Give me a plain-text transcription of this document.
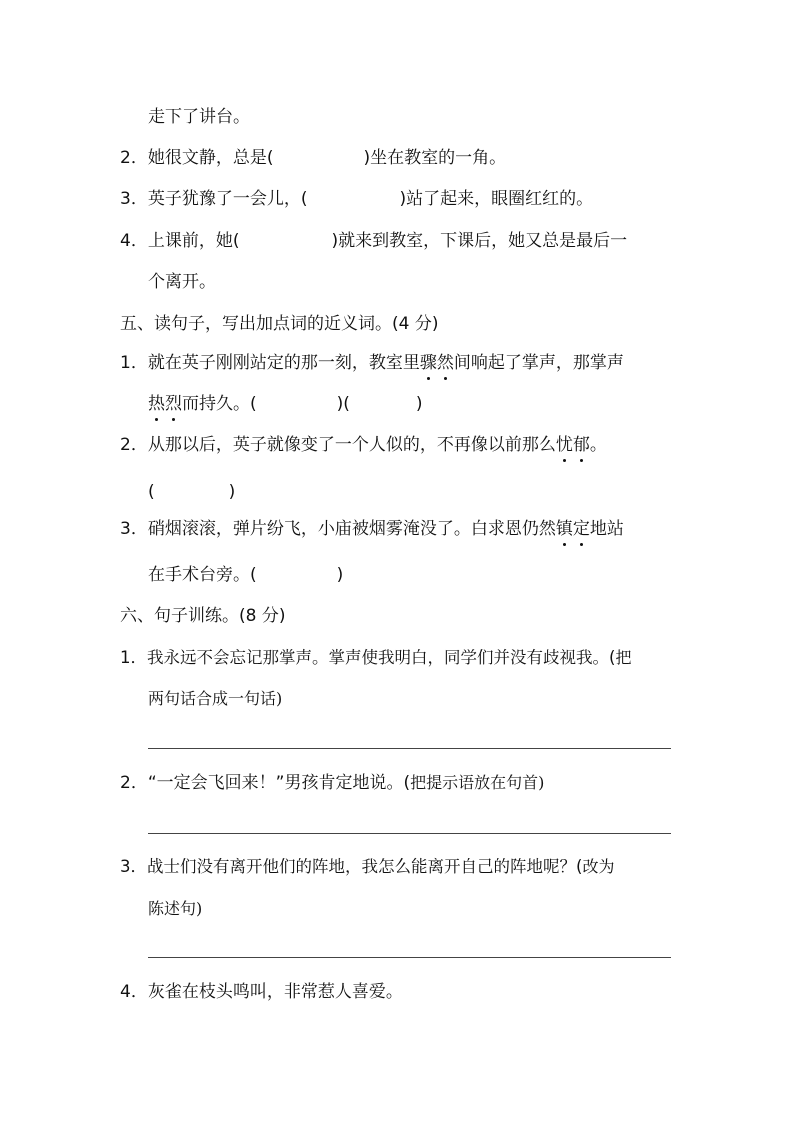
走下了讲台。
2．她很文静，总是(	)坐在教室的一角。
3．英子犹豫了一会儿，(	)站了起来，眼圈红红的。
4．上课前，她(	)就来到教室，下课后，她又总是最后一
个离开。
五、读句子，写出加点词的近义词。(4 分)
1．就在英子刚刚站定的那一刻，教室里骤然间响起了掌声，那掌声
热烈而持久。(	)(	)
2．从那以后，英子就像变了一个人似的，不再像以前那么忧郁。
(	)
3．硝烟滚滚，弹片纷飞，小庙被烟雾淹没了。白求恩仍然镇定地站
在手术台旁。(	)
六、句子训练。(8 分)
1．我永远不会忘记那掌声。掌声使我明白，同学们并没有歧视我。(把
两句话合成一句话)
2．“一定会飞回来！”男孩肯定地说。(把提示语放在句首)
3．战士们没有离开他们的阵地，我怎么能离开自己的阵地呢？(改为
陈述句)
4．灰雀在枝头鸣叫，非常惹人喜爱。
